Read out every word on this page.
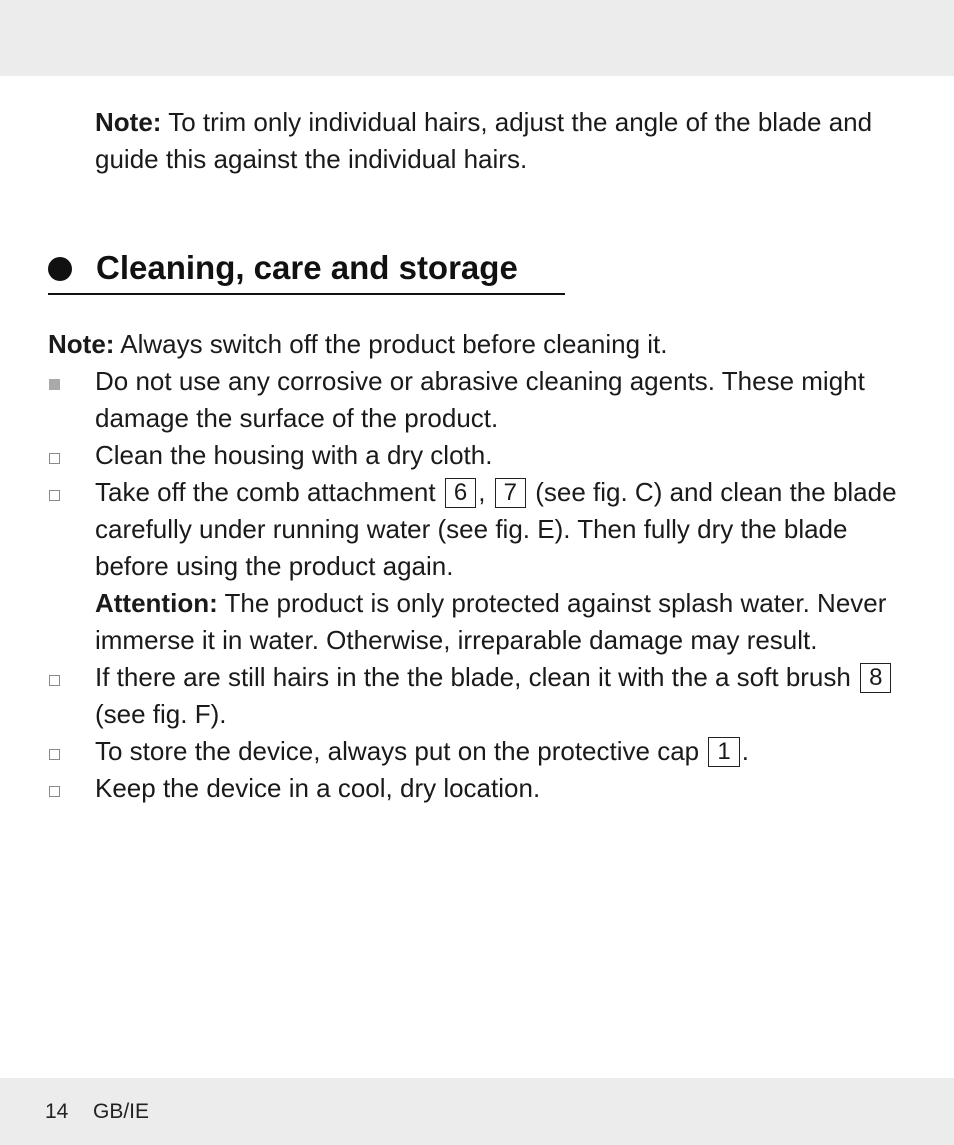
Note: To trim only individual hairs, adjust the angle of the blade and
guide this against the individual hairs.
Cleaning, care and storage
Note: Always switch off the product before cleaning it.
Do not use any corrosive or abrasive cleaning agents. These might
damage the surface of the product.
Clean the housing with a dry cloth.
Take off the comb attachment 6 , 7 (see fig. C) and clean the blade
carefully under running water (see fig. E). Then fully dry the blade
before using the product again.
Attention: The product is only protected against splash water. Never
immerse it in water. Otherwise, irreparable damage may result.
If there are still hairs in the the blade, clean it with the a soft brush 8
(see fig. F).
To store the device, always put on the protective cap 1 .
Keep the device in a cool, dry location.
14 GB/IE
